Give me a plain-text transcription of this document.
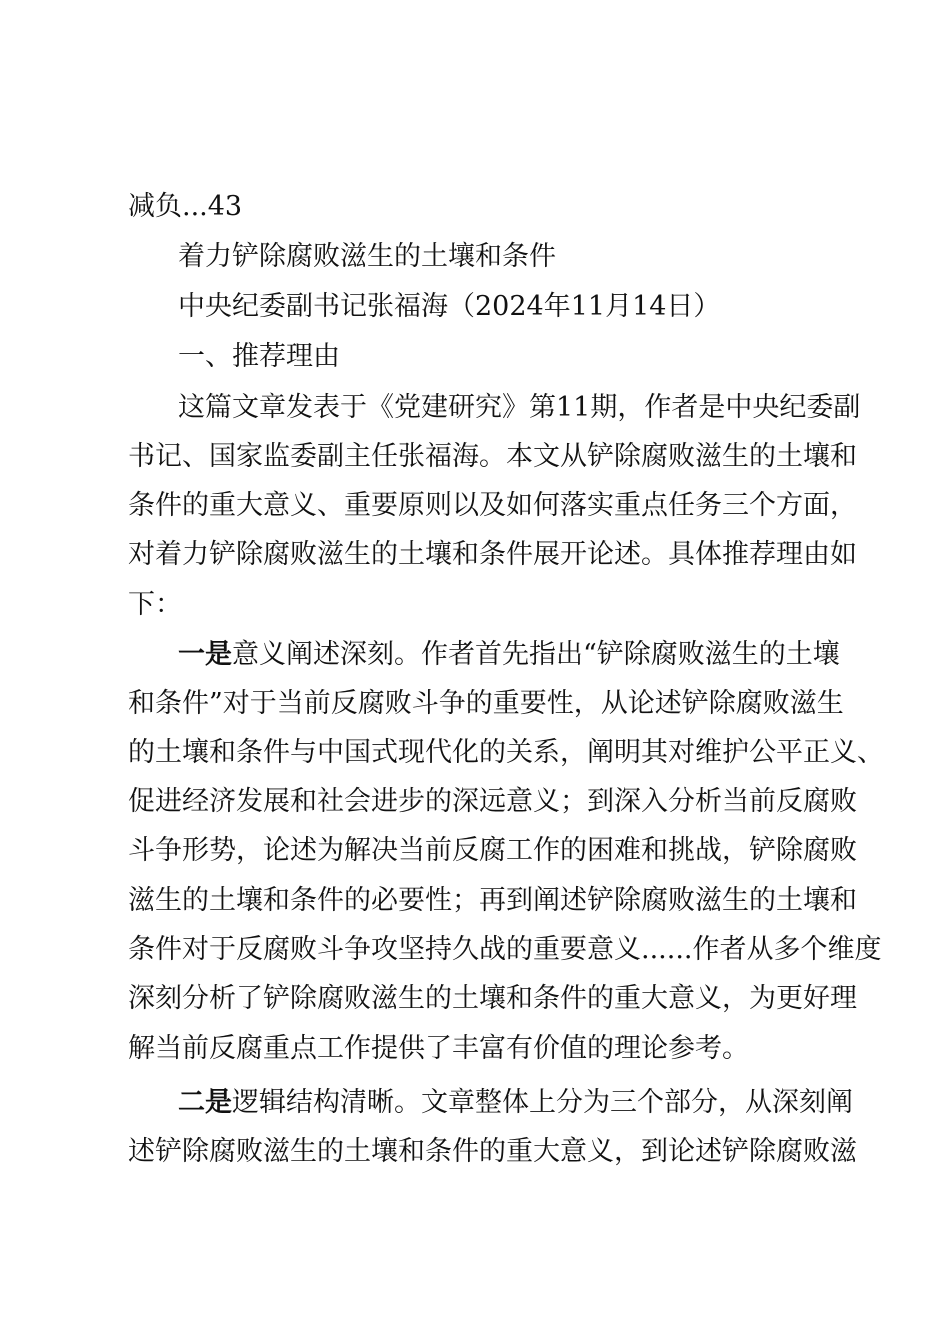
减负...43
着力铲除腐败滋生的土壤和条件
中央纪委副书记张福海（2024年11月14日）
一、推荐理由
这篇文章发表于《党建研究》第11期，作者是中央纪委副
书记、国家监委副主任张福海。本文从铲除腐败滋生的土壤和
条件的重大意义、重要原则以及如何落实重点任务三个方面，
对着力铲除腐败滋生的土壤和条件展开论述。具体推荐理由如
下：
一是意义阐述深刻。作者首先指出“铲除腐败滋生的土壤
和条件”对于当前反腐败斗争的重要性，从论述铲除腐败滋生
的土壤和条件与中国式现代化的关系，阐明其对维护公平正义、
促进经济发展和社会进步的深远意义；到深入分析当前反腐败
斗争形势，论述为解决当前反腐工作的困难和挑战，铲除腐败
滋生的土壤和条件的必要性；再到阐述铲除腐败滋生的土壤和
条件对于反腐败斗争攻坚持久战的重要意义......作者从多个维度
深刻分析了铲除腐败滋生的土壤和条件的重大意义，为更好理
解当前反腐重点工作提供了丰富有价值的理论参考。
二是逻辑结构清晰。文章整体上分为三个部分，从深刻阐
述铲除腐败滋生的土壤和条件的重大意义，到论述铲除腐败滋
